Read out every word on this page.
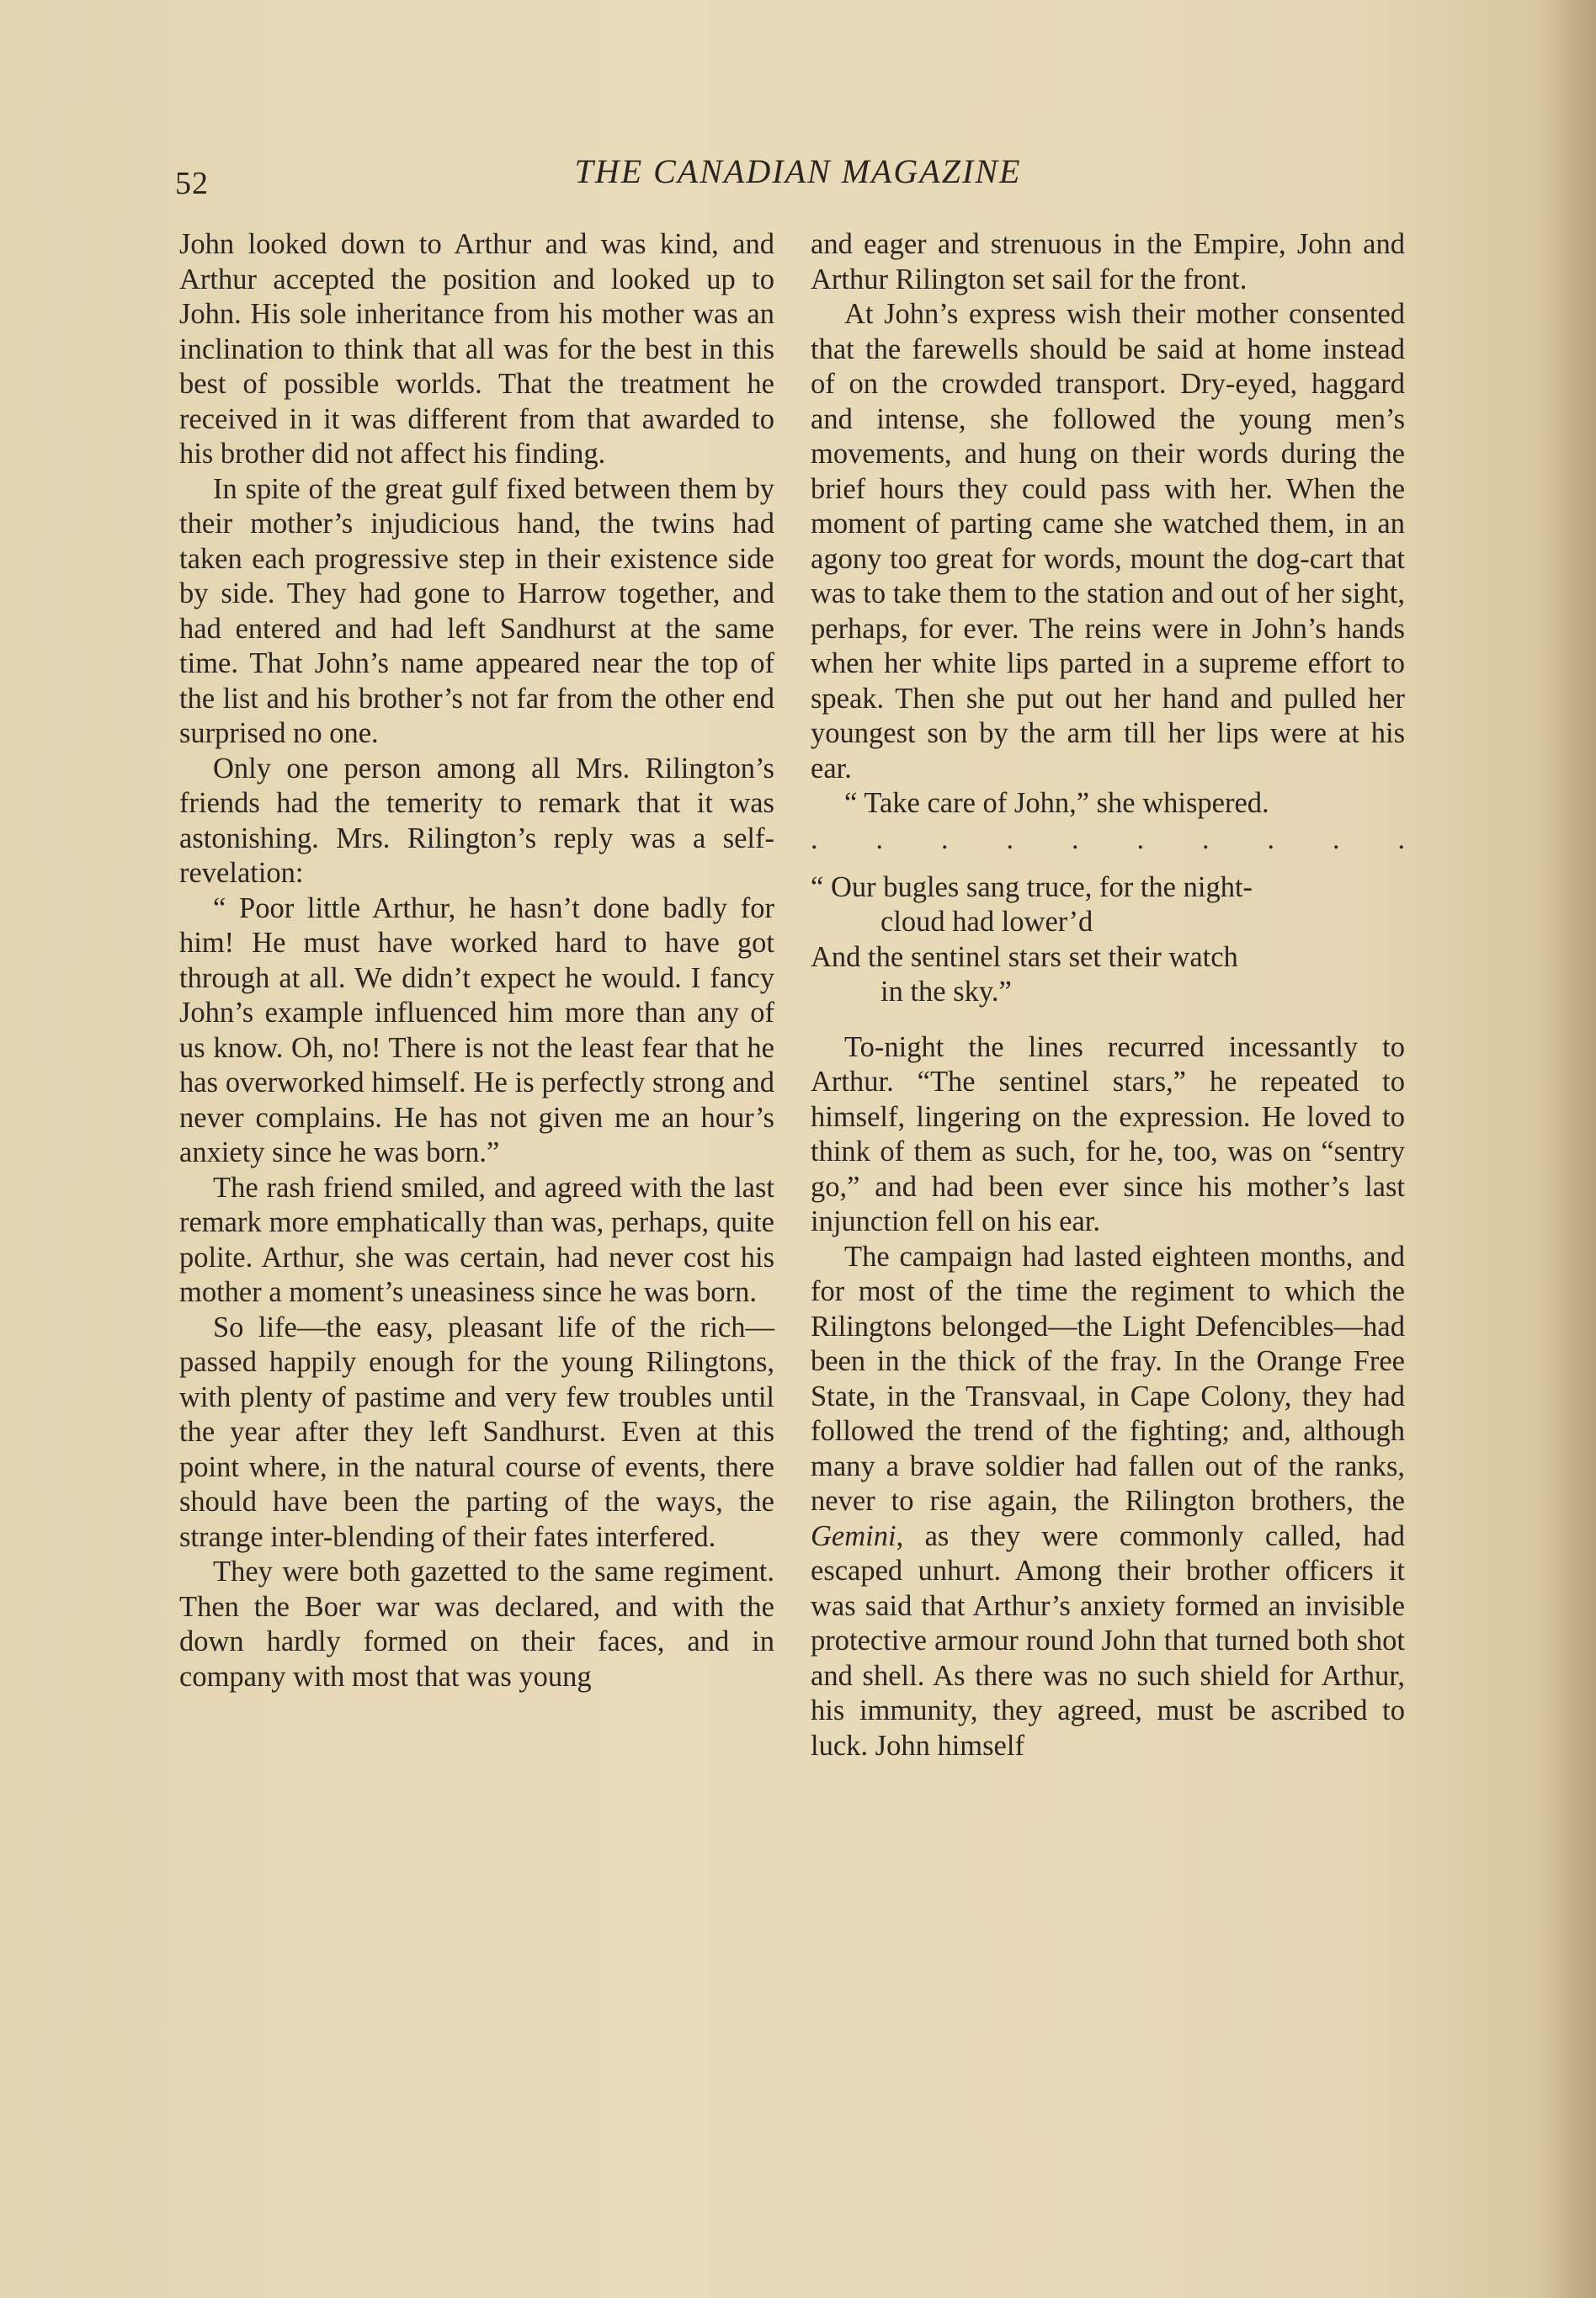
52	THE CANADIAN MAGAZINE

John looked down to Arthur and was kind, and Arthur accepted the position and looked up to John. His sole inheritance from his mother was an inclination to think that all was for the best in this best of possible worlds. That the treatment he received in it was different from that awarded to his brother did not affect his finding.

In spite of the great gulf fixed between them by their mother’s injudicious hand, the twins had taken each progressive step in their existence side by side. They had gone to Harrow together, and had entered and had left Sandhurst at the same time. That John’s name appeared near the top of the list and his brother’s not far from the other end surprised no one.

Only one person among all Mrs. Rilington’s friends had the temerity to remark that it was astonishing. Mrs. Rilington’s reply was a self-revelation:

“ Poor little Arthur, he hasn’t done badly for him! He must have worked hard to have got through at all. We didn’t expect he would. I fancy John’s example influenced him more than any of us know. Oh, no! There is not the least fear that he has overworked himself. He is perfectly strong and never complains. He has not given me an hour’s anxiety since he was born.”

The rash friend smiled, and agreed with the last remark more emphatically than was, perhaps, quite polite. Arthur, she was certain, had never cost his mother a moment’s uneasiness since he was born.

So life—the easy, pleasant life of the rich—passed happily enough for the young Rilingtons, with plenty of pastime and very few troubles until the year after they left Sandhurst. Even at this point where, in the natural course of events, there should have been the parting of the ways, the strange inter-blending of their fates interfered.

They were both gazetted to the same regiment. Then the Boer war was declared, and with the down hardly formed on their faces, and in company with most that was young

and eager and strenuous in the Empire, John and Arthur Rilington set sail for the front.

At John’s express wish their mother consented that the farewells should be said at home instead of on the crowded transport. Dry-eyed, haggard and intense, she followed the young men’s movements, and hung on their words during the brief hours they could pass with her. When the moment of parting came she watched them, in an agony too great for words, mount the dog-cart that was to take them to the station and out of her sight, perhaps, for ever. The reins were in John’s hands when her white lips parted in a supreme effort to speak. Then she put out her hand and pulled her youngest son by the arm till her lips were at his ear.

“ Take care of John,” she whispered.

. . . . . . . . . .
“ Our bugles sang truce, for the night-
cloud had lower’d
And the sentinel stars set their watch
in the sky.”

To-night the lines recurred incessantly to Arthur. “The sentinel stars,” he repeated to himself, lingering on the expression. He loved to think of them as such, for he, too, was on “sentry go,” and had been ever since his mother’s last injunction fell on his ear.

The campaign had lasted eighteen months, and for most of the time the regiment to which the Rilingtons belonged—the Light Defencibles—had been in the thick of the fray. In the Orange Free State, in the Transvaal, in Cape Colony, they had followed the trend of the fighting; and, although many a brave soldier had fallen out of the ranks, never to rise again, the Rilington brothers, the Gemini, as they were commonly called, had escaped unhurt. Among their brother officers it was said that Arthur’s anxiety formed an invisible protective armour round John that turned both shot and shell. As there was no such shield for Arthur, his immunity, they agreed, must be ascribed to luck. John himself
